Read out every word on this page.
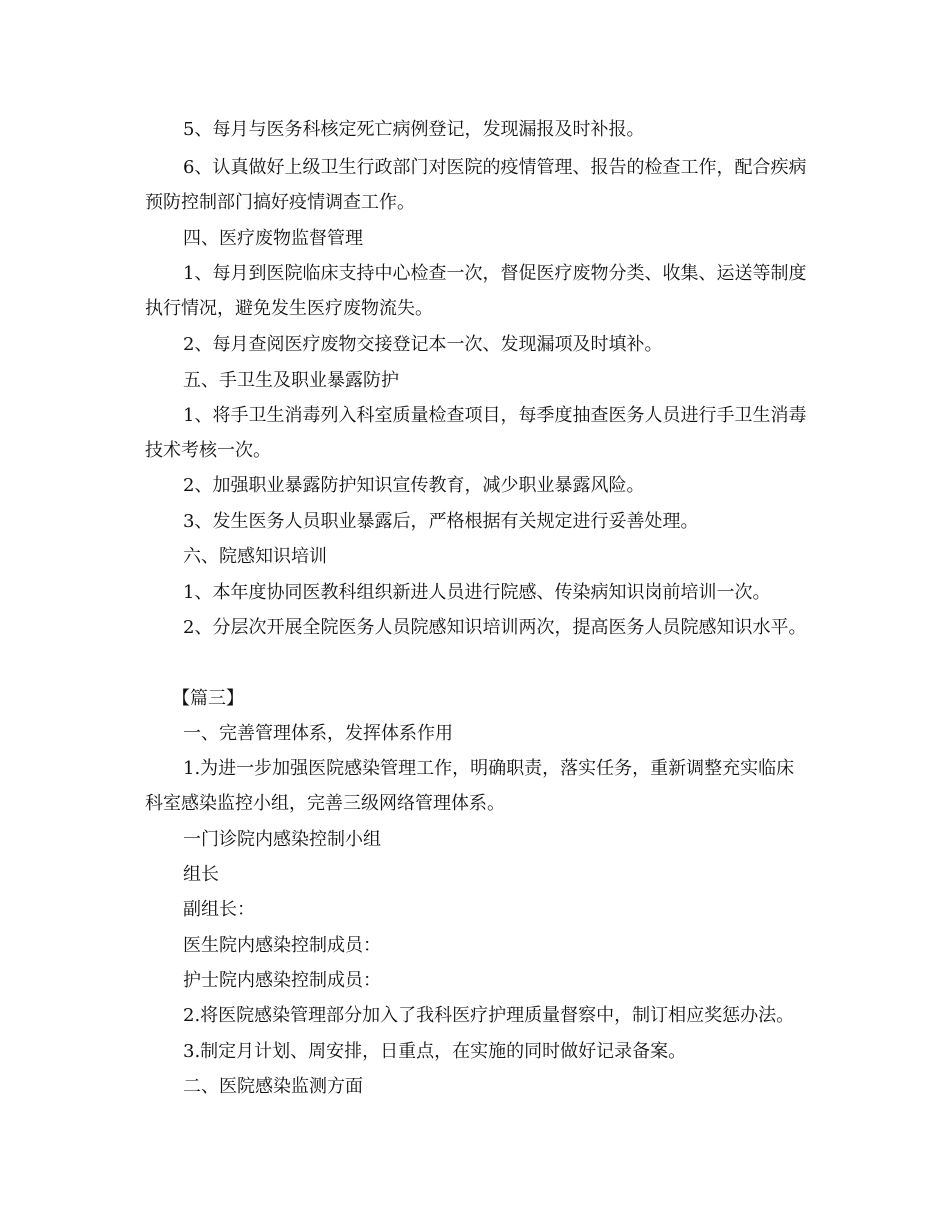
5、每月与医务科核定死亡病例登记，发现漏报及时补报。

6、认真做好上级卫生行政部门对医院的疫情管理、报告的检查工作，配合疾病预防控制部门搞好疫情调查工作。

四、医疗废物监督管理

1、每月到医院临床支持中心检查一次，督促医疗废物分类、收集、运送等制度执行情况，避免发生医疗废物流失。

2、每月查阅医疗废物交接登记本一次、发现漏项及时填补。

五、手卫生及职业暴露防护

1、将手卫生消毒列入科室质量检查项目，每季度抽查医务人员进行手卫生消毒技术考核一次。

2、加强职业暴露防护知识宣传教育，减少职业暴露风险。

3、发生医务人员职业暴露后，严格根据有关规定进行妥善处理。

六、院感知识培训

1、本年度协同医教科组织新进人员进行院感、传染病知识岗前培训一次。

2、分层次开展全院医务人员院感知识培训两次，提高医务人员院感知识水平。

【篇三】

一、完善管理体系，发挥体系作用

1.为进一步加强医院感染管理工作，明确职责，落实任务，重新调整充实临床科室感染监控小组，完善三级网络管理体系。

一门诊院内感染控制小组

组长

副组长：

医生院内感染控制成员：

护士院内感染控制成员：

2.将医院感染管理部分加入了我科医疗护理质量督察中，制订相应奖惩办法。

3.制定月计划、周安排，日重点，在实施的同时做好记录备案。

二、医院感染监测方面
